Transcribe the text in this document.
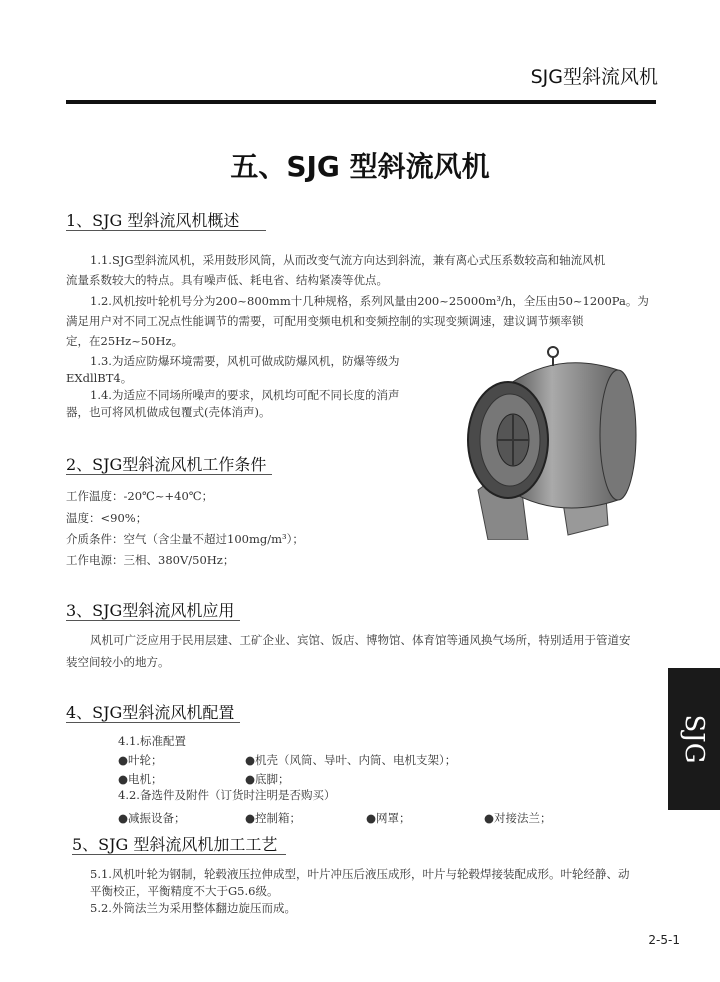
SJG型斜流风机
五、SJG 型斜流风机
1、SJG 型斜流风机概述
1.1.SJG型斜流风机，采用鼓形风筒，从而改变气流方向达到斜流，兼有离心式压系数较高和轴流风机
流量系数较大的特点。具有噪声低、耗电省、结构紧凑等优点。
1.2.风机按叶轮机号分为200~800mm十几种规格，系列风量由200~25000m³/h，全压由50~1200Pa。为
满足用户对不同工况点性能调节的需要，可配用变频电机和变频控制的实现变频调速，建议调节频率锁
定，在25Hz~50Hz。
1.3.为适应防爆环境需要，风机可做成防爆风机，防爆等级为
EXdllBT4。
1.4.为适应不同场所噪声的要求，风机均可配不同长度的消声
器，也可将风机做成包覆式(壳体消声)。
2、SJG型斜流风机工作条件
工作温度：-20℃~+40℃；
温度：<90%；
介质条件：空气（含尘量不超过100mg/m³）；
工作电源：三相、380V/50Hz；
3、SJG型斜流风机应用
风机可广泛应用于民用层建、工矿企业、宾馆、饭店、博物馆、体育馆等通风换气场所，特别适用于管道安
装空间较小的地方。
4、SJG型斜流风机配置
4.1.标准配置
●叶轮；	●机壳（风筒、导叶、内筒、电机支架）；
●电机；	●底脚；
4.2.备选件及附件（订货时注明是否购买）
●减振设备；	●控制箱；	●网罩；	●对接法兰；
5、SJG 型斜流风机加工工艺
5.1.风机叶轮为钢制，轮毂液压拉伸成型，叶片冲压后液压成形，叶片与轮毂焊接装配成形。叶轮经静、动
平衡校正，平衡精度不大于G5.6级。
5.2.外筒法兰为采用整体翻边旋压而成。
SJG
2-5-1
